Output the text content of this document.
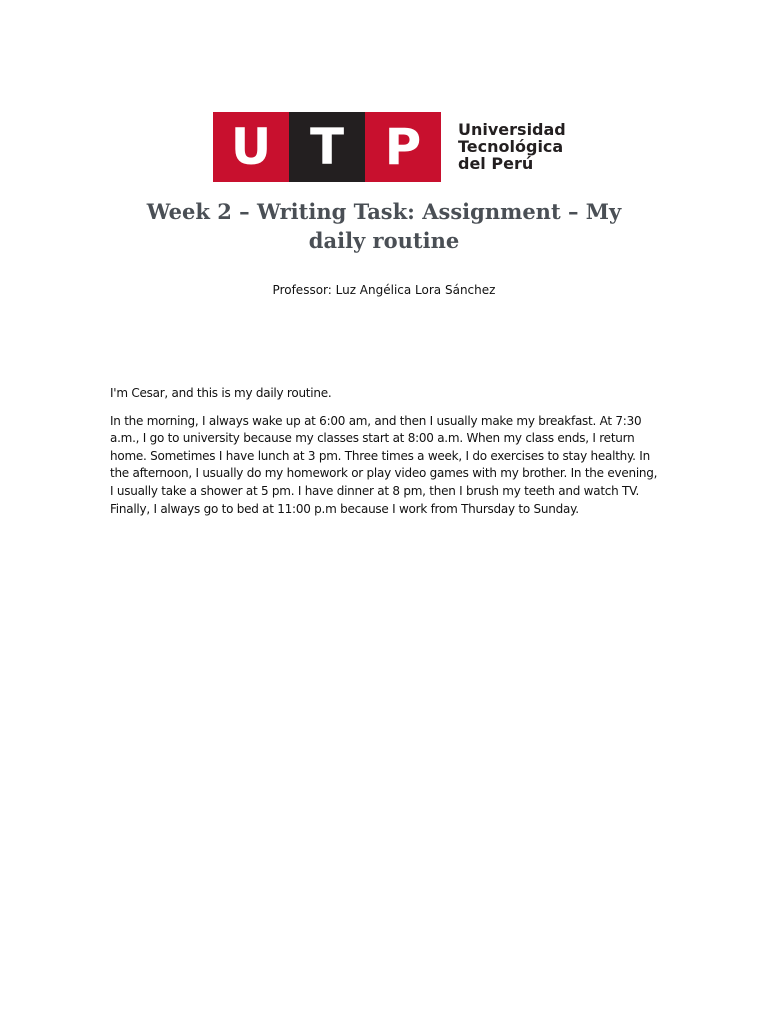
U T P	Universidad
Tecnológica
del Perú
Week 2 – Writing Task: Assignment – My daily routine
Professor: Luz Angélica Lora Sánchez

I'm Cesar, and this is my daily routine.

In the morning, I always wake up at 6:00 am, and then I usually make my breakfast. At 7:30 a.m., I go to university because my classes start at 8:00 a.m. When my class ends, I return home. Sometimes I have lunch at 3 pm. Three times a week, I do exercises to stay healthy. In the afternoon, I usually do my homework or play video games with my brother. In the evening, I usually take a shower at 5 pm. I have dinner at 8 pm, then I brush my teeth and watch TV. Finally, I always go to bed at 11:00 p.m because I work from Thursday to Sunday.
